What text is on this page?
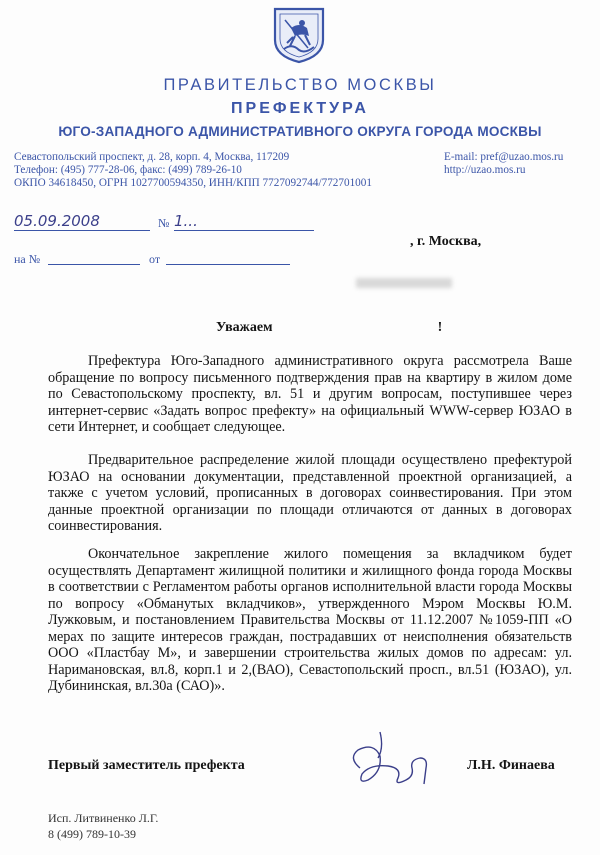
ПРАВИТЕЛЬСТВО МОСКВЫ
ПРЕФЕКТУРА
ЮГО-ЗАПАДНОГО АДМИНИСТРАТИВНОГО ОКРУГА ГОРОДА МОСКВЫ
Севастопольский проспект, д. 28, корп. 4, Москва, 117209
Телефон: (495) 777-28-06, факс: (499) 789-26-10
ОКПО 34618450, ОГРН 1027700594350, ИНН/КПП 7727092744/772701001
E-mail: pref@uzao.mos.ru
http://uzao.mos.ru
05.09.2008	№ 1...
на №	от
, г. Москва,
Уважаем	!

Префектура Юго-Западного административного округа рассмотрела Ваше обращение по вопросу письменного подтверждения прав на квартиру в жилом доме по Севастопольскому проспекту, вл. 51 и другим вопросам, поступившее через интернет-сервис «Задать вопрос префекту» на официальный WWW-сервер ЮЗАО в сети Интернет, и сообщает следующее.

Предварительное распределение жилой площади осуществлено префектурой ЮЗАО на основании документации, представленной проектной организацией, а также с учетом условий, прописанных в договорах соинвестирования. При этом данные проектной организации по площади отличаются от данных в договорах соинвестирования.

Окончательное закрепление жилого помещения за вкладчиком будет осуществлять Департамент жилищной политики и жилищного фонда города Москвы в соответствии с Регламентом работы органов исполнительной власти города Москвы по вопросу «Обманутых вкладчиков», утвержденного Мэром Москвы Ю.М. Лужковым, и постановлением Правительства Москвы от 11.12.2007 №1059-ПП «О мерах по защите интересов граждан, пострадавших от неисполнения обязательств ООО «Пластбау М», и завершении строительства жилых домов по адресам: ул. Наримановская, вл.8, корп.1 и 2,(ВАО), Севастопольский просп., вл.51 (ЮЗАО), ул. Дубининская, вл.30а (САО)».

Первый заместитель префекта	Л.Н. Финаева
Исп. Литвиненко Л.Г.
8 (499) 789-10-39
